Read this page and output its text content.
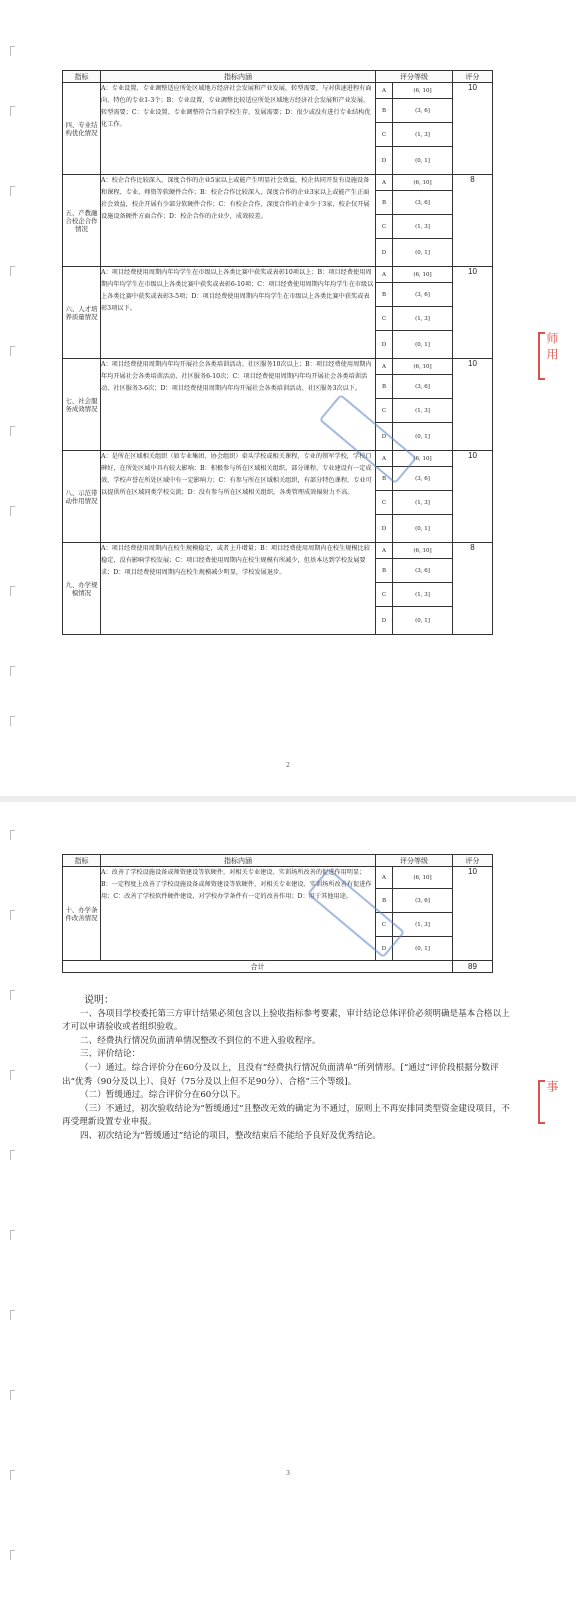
指标	指标内涵	评分等级		评分
四、专业结构优化情况	A：专业设置、专业调整适应所处区域地方经济社会发展和产业发展、转型需要，与对供速进程有面向、特色的专业1-3个；B：专业设置、专业调整比较适应所处区域地方经济社会发展和产业发展、转型需要；C：专业设置、专业调整符合当前学校生存、发展需要；D：很少或没有进行专业结构优化工作。	A	(6, 10]	10
		B	(3, 6]	
		C	(1, 3]	
		D	(0, 1]	
五、产教融合校企合作情况	A：校企合作比较深入，深度合作的企业5家以上或能产生明显社会效益，校企共同开发有设施设备和课程、专业、师资等软硬件合作；B：校企合作比较深入，深度合作的企业3家以上或能产生正面社会效益，校企开展有少部分软硬件合作；C：有校企合作，深度合作的企业少于3家，校企仅开展设施设备硬件方面合作；D：校企合作的企业少，成效较差。	A	(6, 10]	8
		B	(3, 6]	
		C	(1, 3]	
		D	(0, 1]	
六、人才培养质量情况	A：项目经费使用周期内年均学生在市级以上各类比赛中获奖或表彰10项以上；B：项目经费使用周期内年均学生在市级以上各类比赛中获奖或表彰6-10项；C：项目经费使用周期内年均学生在市级以上各类比赛中获奖或表彰3-5项；D：项目经费使用周期内年均学生在市级以上各类比赛中获奖或表彰3项以下。	A	(6, 10]	10
		B	(3, 6]	
		C	(1, 3]	
		D	(0, 1]	
七、社会服务成效情况	A：项目经费使用周期内年均开展社会各类培训活动、社区服务10次以上；B：项目经费使用周期内年均开展社会各类培训活动、社区服务6-10次；C：项目经费使用周期内年均开展社会各类培训活动、社区服务3-6次；D：项目经费使用周期内年均开展社会各类培训活动、社区服务3次以下。	A	(6, 10]	10
		B	(3, 6]	
		C	(1, 3]	
		D	(0, 1]	
八、示范带动作用情况	A：是所在区域相关组织（如专业集团、协会组织）牵头学校或相关课程、专业的领军学校，学校口碑好，在所处区域中具有较大影响；B：积极参与所在区域相关组织，部分课程、专业建设有一定成效，学校声誉在所处区域中有一定影响力；C：有参与所在区域相关组织，有部分特色课程、专业可以提供所在区域同类学校交流；D：没有参与所在区域相关组织，各类管理成效辐射力不高。	A	(6, 10]	10
		B	(3, 6]	
		C	(1, 3]	
		D	(0, 1]	
九、办学规模情况	A：项目经费使用周期内在校生规模稳定，或者上升增量；B：项目经费使用周期内在校生规模比较稳定，没有影响学校发展；C：项目经费使用周期内在校生规模有所减少，但基本达到学校发展要求；D：项目经费使用周期内在校生规模减少明显，学校发展退步。	A	(6, 10]	8
		B	(3, 6]	
		C	(1, 3]	
		D	(0, 1]	
师用
2
指标	指标内涵	评分等级		评分
十、办学条件改善情况	A：改善了学校设施设备或师资建设等软硬件，对相关专业建设、实训场所改善的促进作用明显；B：一定程度上改善了学校设施设备或师资建设等软硬件，对相关专业建设、实训场所改善有促进作用；C：改善了学校软件硬件建设，对学校办学条件有一定的改善作用；D：用于其他用途。	A	(6, 10]	10
		B	(3, 6]	
		C	(1, 3]	
		D	(0, 1]	
合计				89

说明：

一、各项目学校委托第三方审计结果必须包含以上验收指标参考要素，审计结论总体评价必须明确是基本合格以上才可以申请验收或者组织验收。

二、经费执行情况负面清单情况整改不到位的不进入验收程序。

三、评价结论：

（一）通过。综合评价分在60分及以上，且没有“经费执行情况负面清单”所列情形。[“通过”评价段根据分数评出“优秀（90分及以上）、良好（75分及以上但不足90分）、合格”三个等级]。

（二）暂缓通过。综合评价分在60分以下。

（三）不通过，初次验收结论为“暂缓通过”且整改无效的确定为不通过，原则上不再安排同类型资金建设项目，不再受理新设置专业申报。

四、初次结论为“暂缓通过”结论的项目，整改结束后不能给予良好及优秀结论。

事
3
